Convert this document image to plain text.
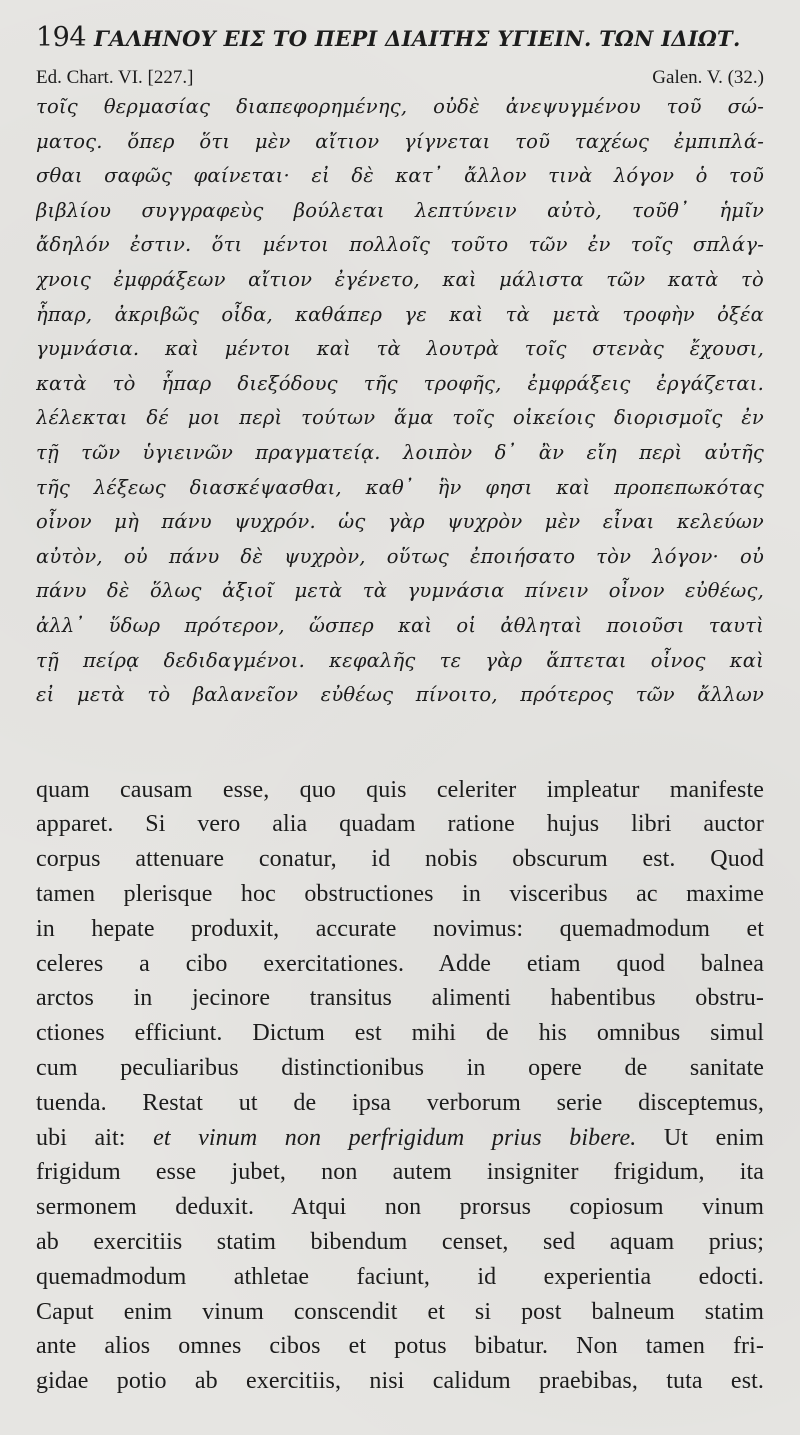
194 ΓΑΛΗΝΟΥ ΕΙΣ ΤΟ ΠΕΡΙ ΔΙΑΙΤΗΣ ΥΓΙΕΙΝ. ΤΩΝ ΙΔΙΩΤ.
Ed. Chart. VI. [227.]	Galen. V. (32.)
τοῖς θερμασίας διαπεφορημένης, οὐδὲ ἀνεψυγμένου τοῦ σώ-
ματος. ὅπερ ὅτι μὲν αἴτιον γίγνεται τοῦ ταχέως ἐμπιπλά-
σθαι σαφῶς φαίνεται· εἰ δὲ κατ᾽ ἄλλον τινὰ λόγον ὁ τοῦ
βιβλίου συγγραφεὺς βούλεται λεπτύνειν αὐτὸ, τοῦθ᾽ ἡμῖν
ἄδηλόν ἐστιν. ὅτι μέντοι πολλοῖς τοῦτο τῶν ἐν τοῖς σπλάγ-
χνοις ἐμφράξεων αἴτιον ἐγένετο, καὶ μάλιστα τῶν κατὰ τὸ
ἧπαρ, ἀκριβῶς οἶδα, καθάπερ γε καὶ τὰ μετὰ τροφὴν ὀξέα
γυμνάσια. καὶ μέντοι καὶ τὰ λουτρὰ τοῖς στενὰς ἔχουσι,
κατὰ τὸ ἧπαρ διεξόδους τῆς τροφῆς, ἐμφράξεις ἐργάζεται.
λέλεκται δέ μοι περὶ τούτων ἅμα τοῖς οἰκείοις διορισμοῖς ἐν
τῇ τῶν ὑγιεινῶν πραγματείᾳ. λοιπὸν δ᾽ ἂν εἴη περὶ αὐτῆς
τῆς λέξεως διασκέψασθαι, καθ᾽ ἣν φησι καὶ προπεπωκότας
οἶνον μὴ πάνυ ψυχρόν. ὡς γὰρ ψυχρὸν μὲν εἶναι κελεύων
αὐτὸν, οὐ πάνυ δὲ ψυχρὸν, οὕτως ἐποιήσατο τὸν λόγον· οὐ
πάνυ δὲ ὅλως ἀξιοῖ μετὰ τὰ γυμνάσια πίνειν οἶνον εὐθέως,
ἀλλ᾽ ὕδωρ πρότερον, ὥσπερ καὶ οἱ ἀθληταὶ ποιοῦσι ταυτὶ
τῇ πείρᾳ δεδιδαγμένοι. κεφαλῆς τε γὰρ ἅπτεται οἶνος καὶ
εἰ μετὰ τὸ βαλανεῖον εὐθέως πίνοιτο, πρότερος τῶν ἄλλων
quam causam esse, quo quis celeriter impleatur manifeste
apparet. Si vero alia quadam ratione hujus libri auctor
corpus attenuare conatur, id nobis obscurum est. Quod
tamen plerisque hoc obstructiones in visceribus ac maxime
in hepate produxit, accurate novimus: quemadmodum et
celeres a cibo exercitationes. Adde etiam quod balnea
arctos in jecinore transitus alimenti habentibus obstru-
ctiones efficiunt. Dictum est mihi de his omnibus simul
cum peculiaribus distinctionibus in opere de sanitate
tuenda. Restat ut de ipsa verborum serie disceptemus,
ubi ait: et vinum non perfrigidum prius bibere. Ut enim
frigidum esse jubet, non autem insigniter frigidum, ita
sermonem deduxit. Atqui non prorsus copiosum vinum
ab exercitiis statim bibendum censet, sed aquam prius;
quemadmodum athletae faciunt, id experientia edocti.
Caput enim vinum conscendit et si post balneum statim
ante alios omnes cibos et potus bibatur. Non tamen fri-
gidae potio ab exercitiis, nisi calidum praebibas, tuta est.
